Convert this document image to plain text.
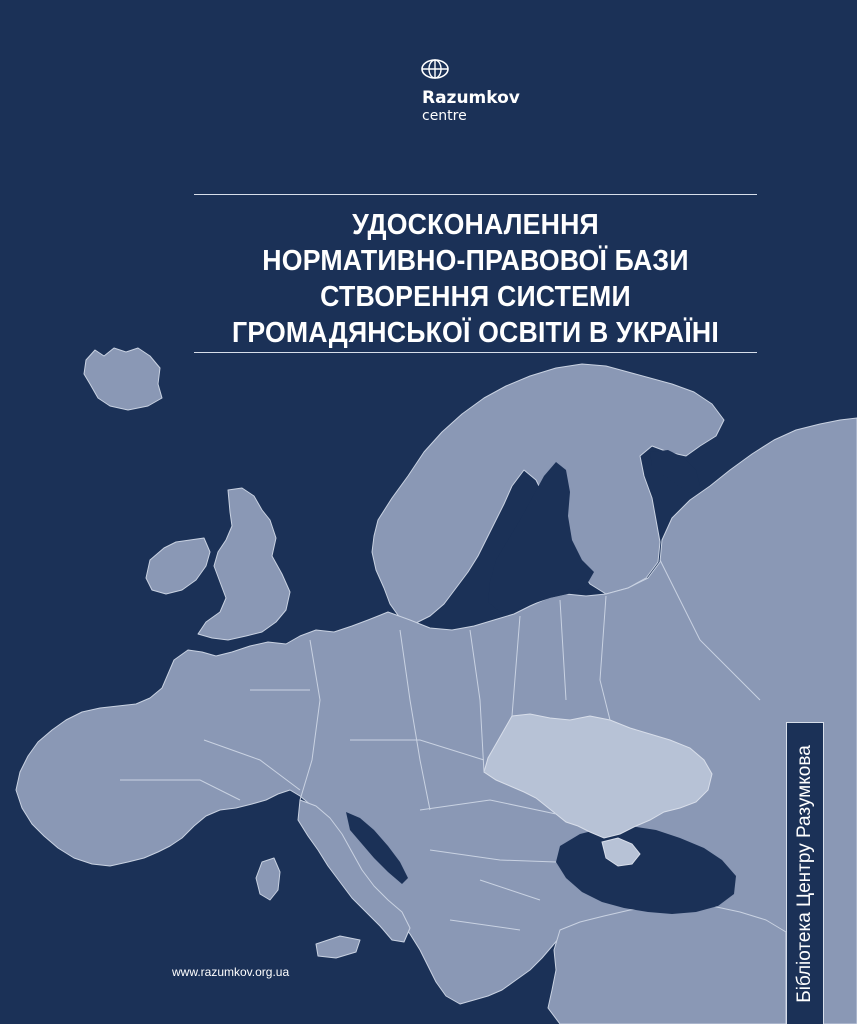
Razumkov
centre
УДОСКОНАЛЕННЯ
НОРМАТИВНО-ПРАВОВОЇ БАЗИ
СТВОРЕННЯ СИСТЕМИ
ГРОМАДЯНСЬКОЇ ОСВІТИ В УКРАЇНІ
www.razumkov.org.ua	Бібліотека Центру Разумкова
